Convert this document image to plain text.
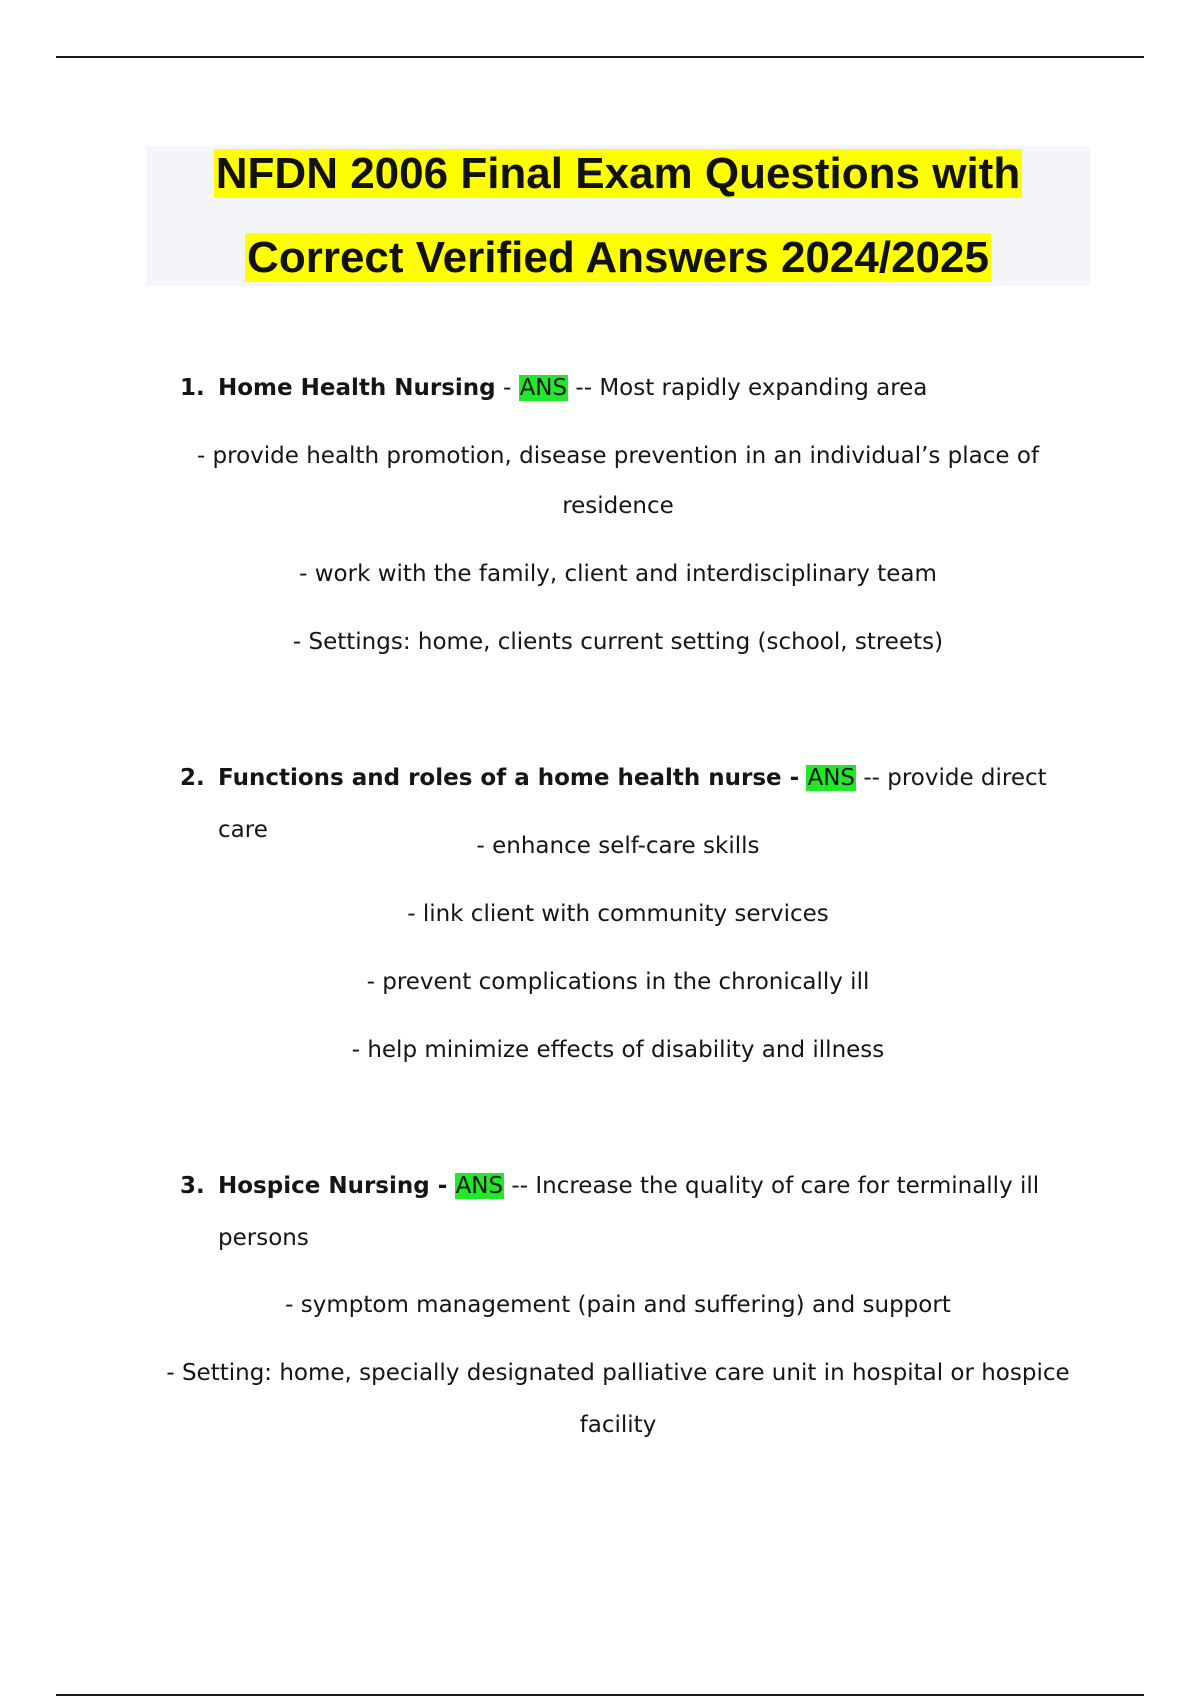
NFDN 2006 Final Exam Questions with
Correct Verified Answers 2024/2025
1. Home Health Nursing - ANS -- Most rapidly expanding area
- provide health promotion, disease prevention in an individual’s place of
residence
- work with the family, client and interdisciplinary team
- Settings: home, clients current setting (school, streets)
2. Functions and roles of a home health nurse - ANS -- provide direct care
- enhance self-care skills
- link client with community services
- prevent complications in the chronically ill
- help minimize effects of disability and illness
3. Hospice Nursing - ANS -- Increase the quality of care for terminally ill
persons
- symptom management (pain and suffering) and support
- Setting: home, specially designated palliative care unit in hospital or hospice
facility
